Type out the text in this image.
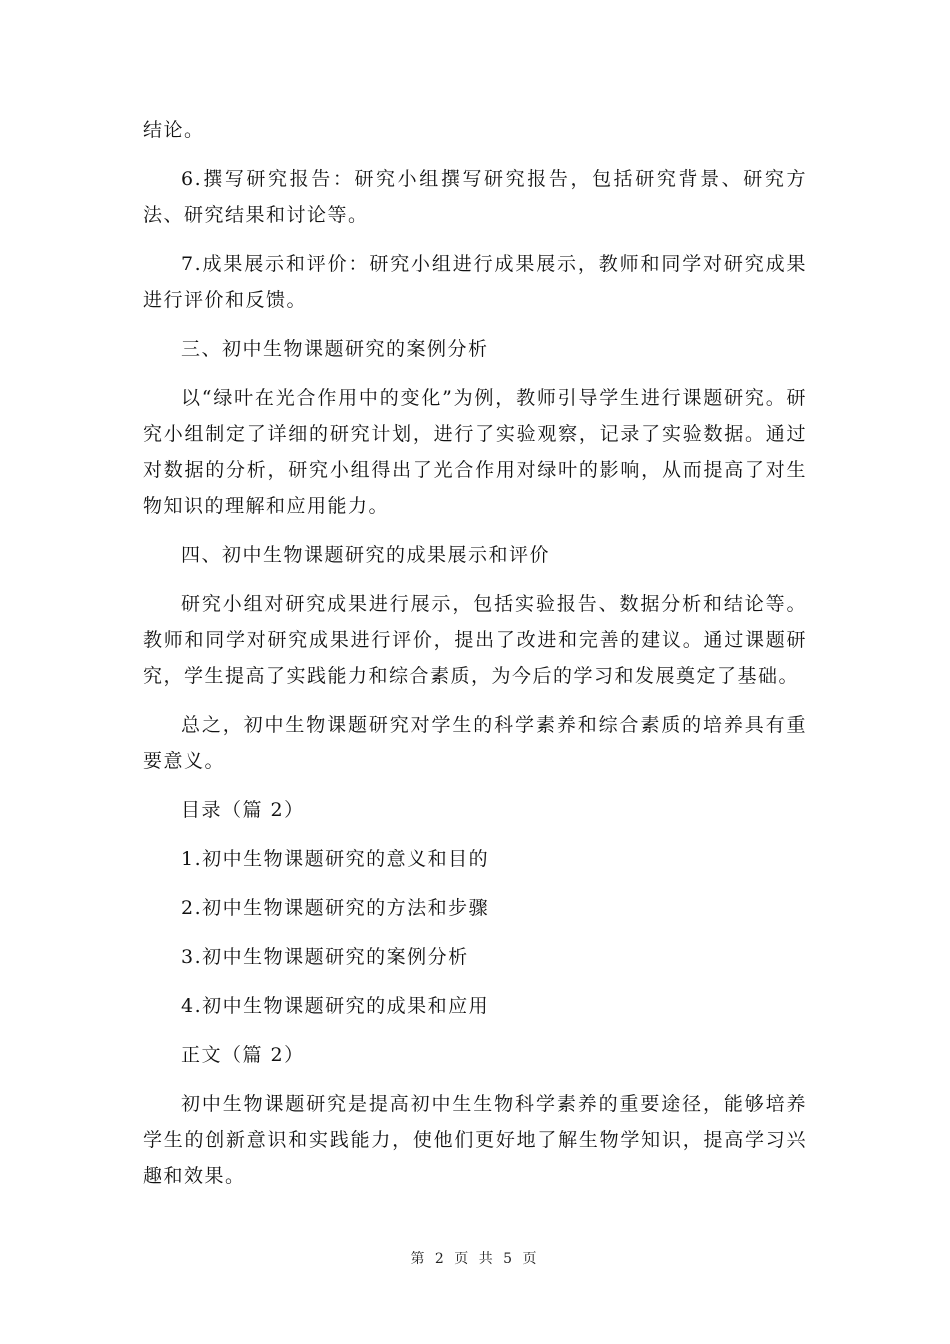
结论。

6.撰写研究报告：研究小组撰写研究报告，包括研究背景、研究方法、研究结果和讨论等。

7.成果展示和评价：研究小组进行成果展示，教师和同学对研究成果进行评价和反馈。

三、初中生物课题研究的案例分析

以“绿叶在光合作用中的变化”为例，教师引导学生进行课题研究。研究小组制定了详细的研究计划，进行了实验观察，记录了实验数据。通过对数据的分析，研究小组得出了光合作用对绿叶的影响，从而提高了对生物知识的理解和应用能力。

四、初中生物课题研究的成果展示和评价

研究小组对研究成果进行展示，包括实验报告、数据分析和结论等。教师和同学对研究成果进行评价，提出了改进和完善的建议。通过课题研究，学生提高了实践能力和综合素质，为今后的学习和发展奠定了基础。

总之，初中生物课题研究对学生的科学素养和综合素质的培养具有重要意义。

目录（篇 2）

1.初中生物课题研究的意义和目的

2.初中生物课题研究的方法和步骤

3.初中生物课题研究的案例分析

4.初中生物课题研究的成果和应用

正文（篇 2）

初中生物课题研究是提高初中生生物科学素养的重要途径，能够培养学生的创新意识和实践能力，使他们更好地了解生物学知识，提高学习兴趣和效果。

第 2 页 共 5 页
